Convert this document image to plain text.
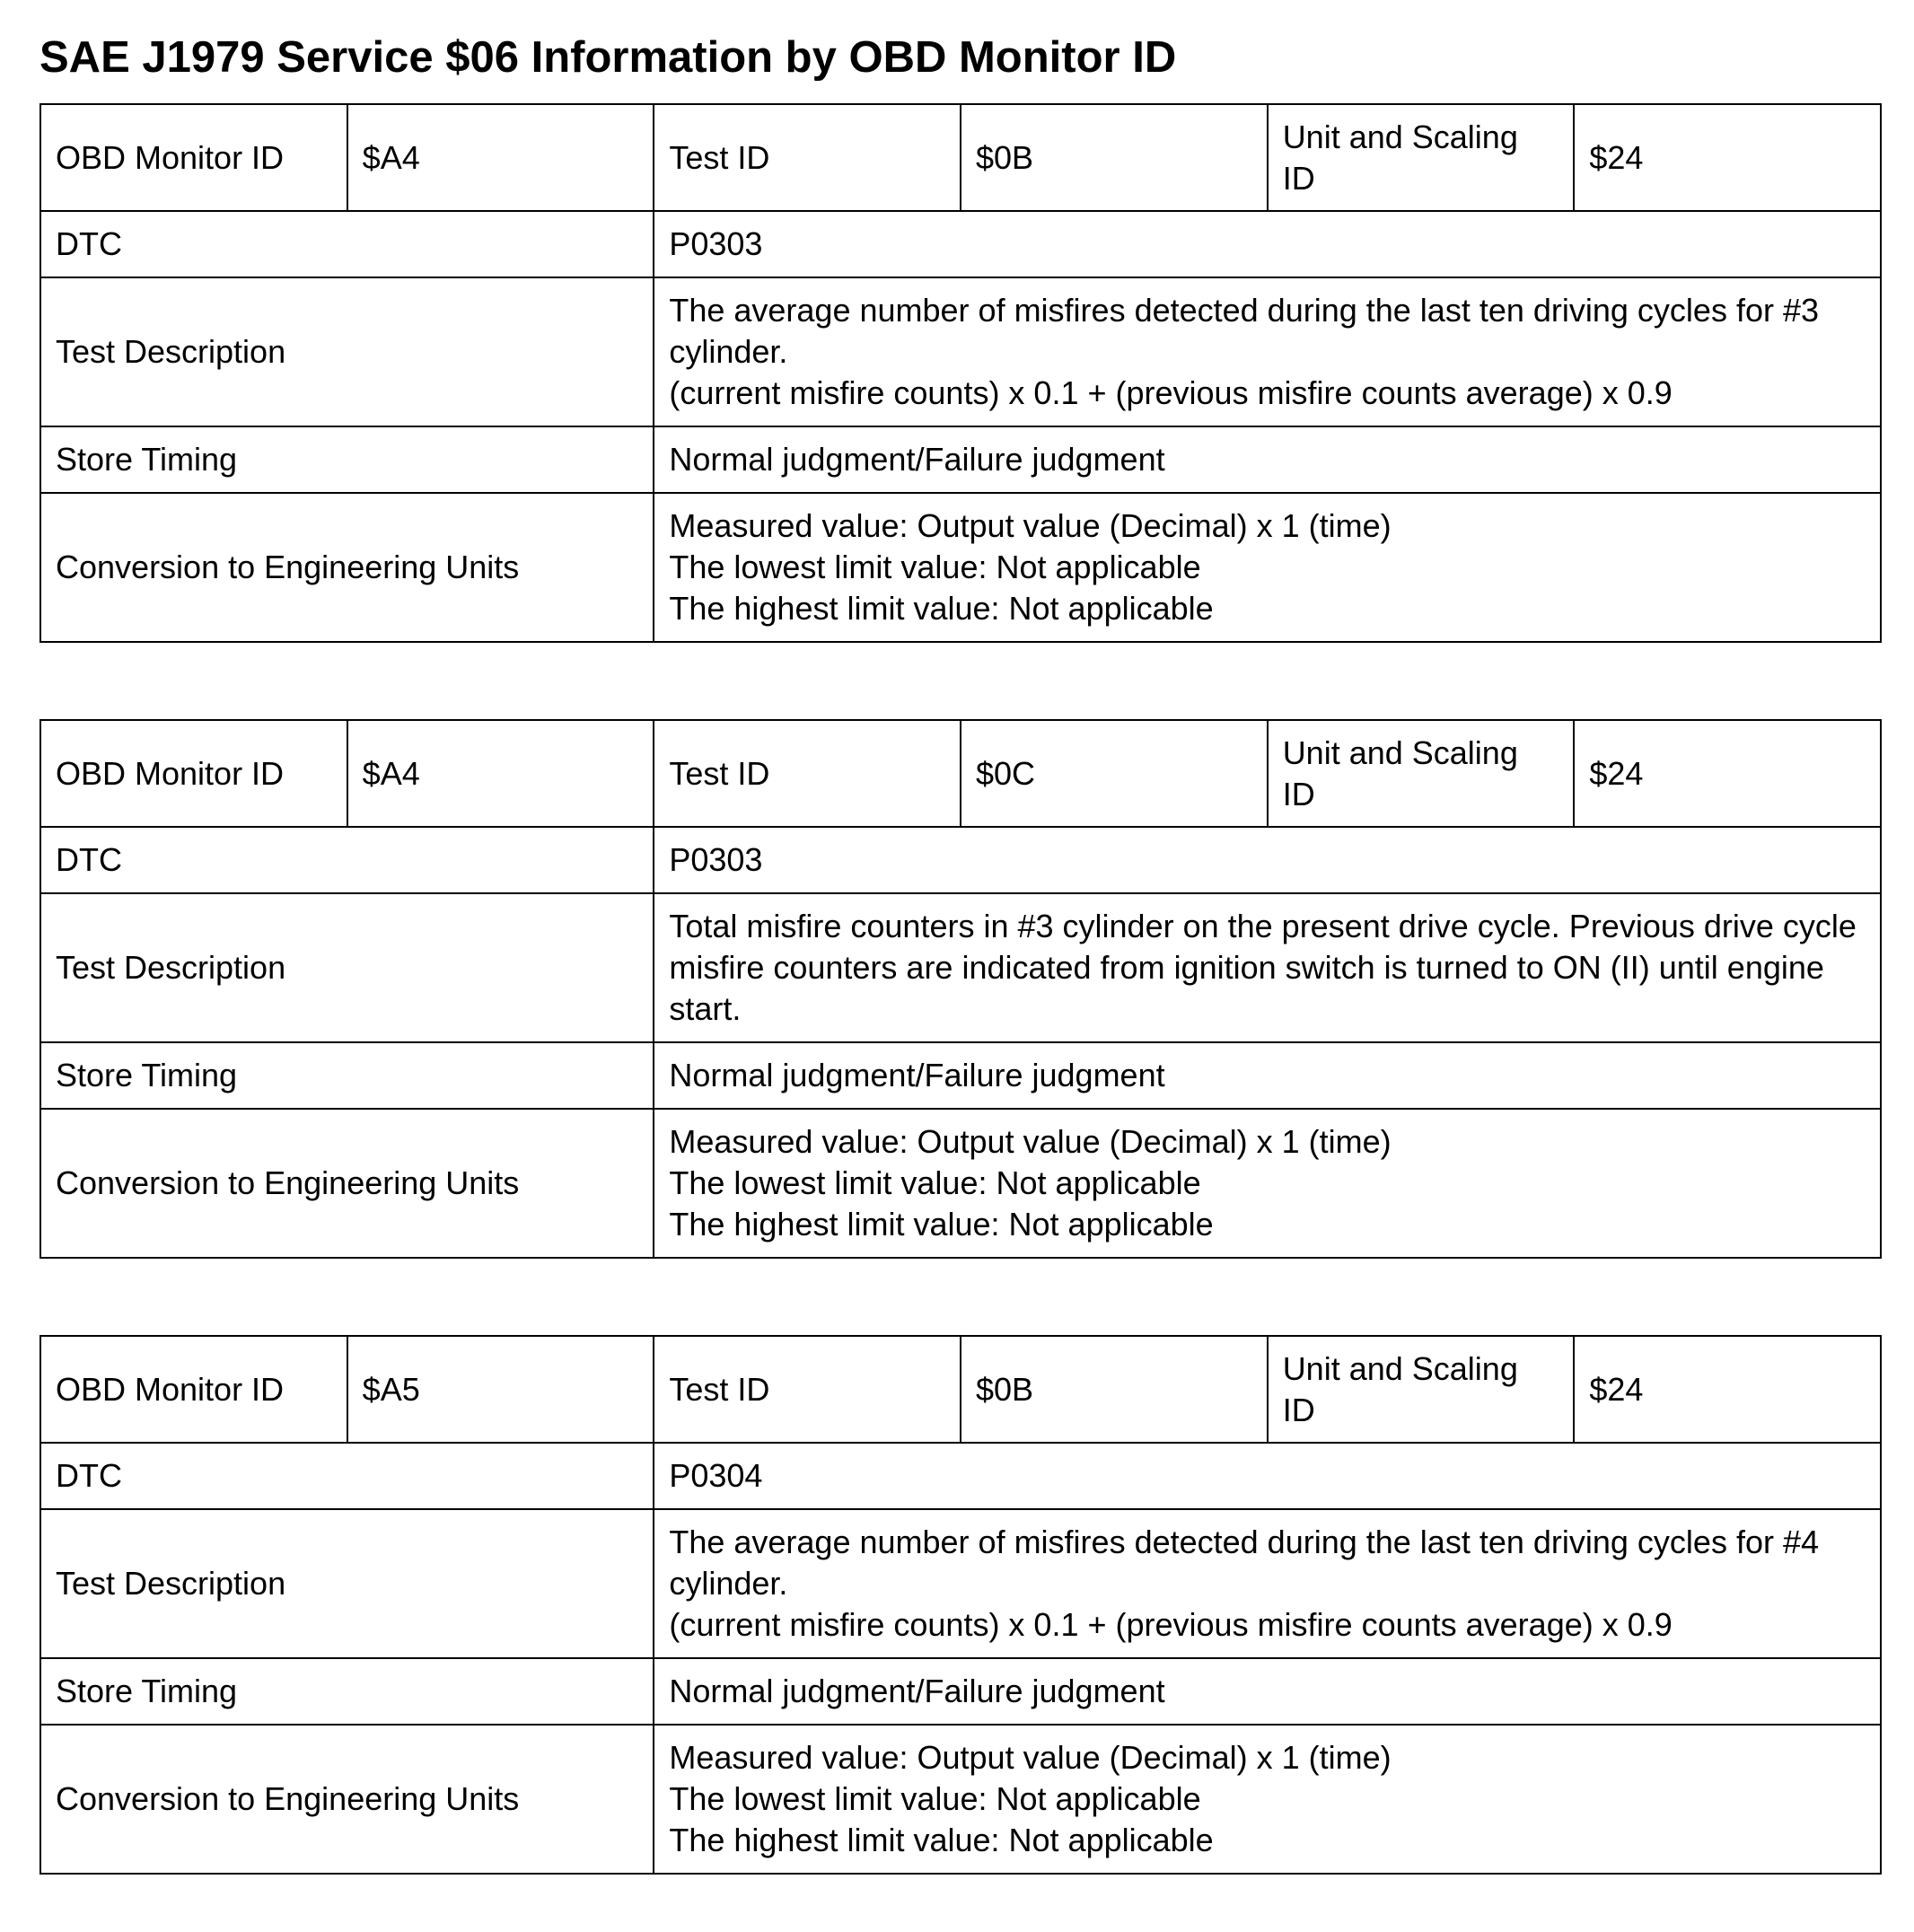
SAE J1979 Service $06 Information by OBD Monitor ID
OBD Monitor ID	$A4	Test ID	$0B	Unit and Scaling ID	$24
DTC		P0303			
Test Description		The average number of misfires detected during the last ten driving cycles for #3 cylinder.
(current misfire counts) x 0.1 + (previous misfire counts average) x 0.9			

Store Timing		Normal judgment/Failure judgment			
Conversion to Engineering Units		Measured value: Output value (Decimal) x 1 (time)
The lowest limit value: Not applicable
The highest limit value: Not applicable			
OBD Monitor ID	$A4	Test ID	$0C	Unit and Scaling ID	$24
DTC		P0303			
Test Description		Total misfire counters in #3 cylinder on the present drive cycle. Previous drive cycle misfire counters are indicated from ignition switch is turned to ON (II) until engine start.			

Store Timing		Normal judgment/Failure judgment			
Conversion to Engineering Units		Measured value: Output value (Decimal) x 1 (time)
The lowest limit value: Not applicable
The highest limit value: Not applicable			
OBD Monitor ID	$A5	Test ID	$0B	Unit and Scaling ID	$24
DTC		P0304			
Test Description		The average number of misfires detected during the last ten driving cycles for #4 cylinder.
(current misfire counts) x 0.1 + (previous misfire counts average) x 0.9			

Store Timing		Normal judgment/Failure judgment			
Conversion to Engineering Units		Measured value: Output value (Decimal) x 1 (time)
The lowest limit value: Not applicable
The highest limit value: Not applicable			
